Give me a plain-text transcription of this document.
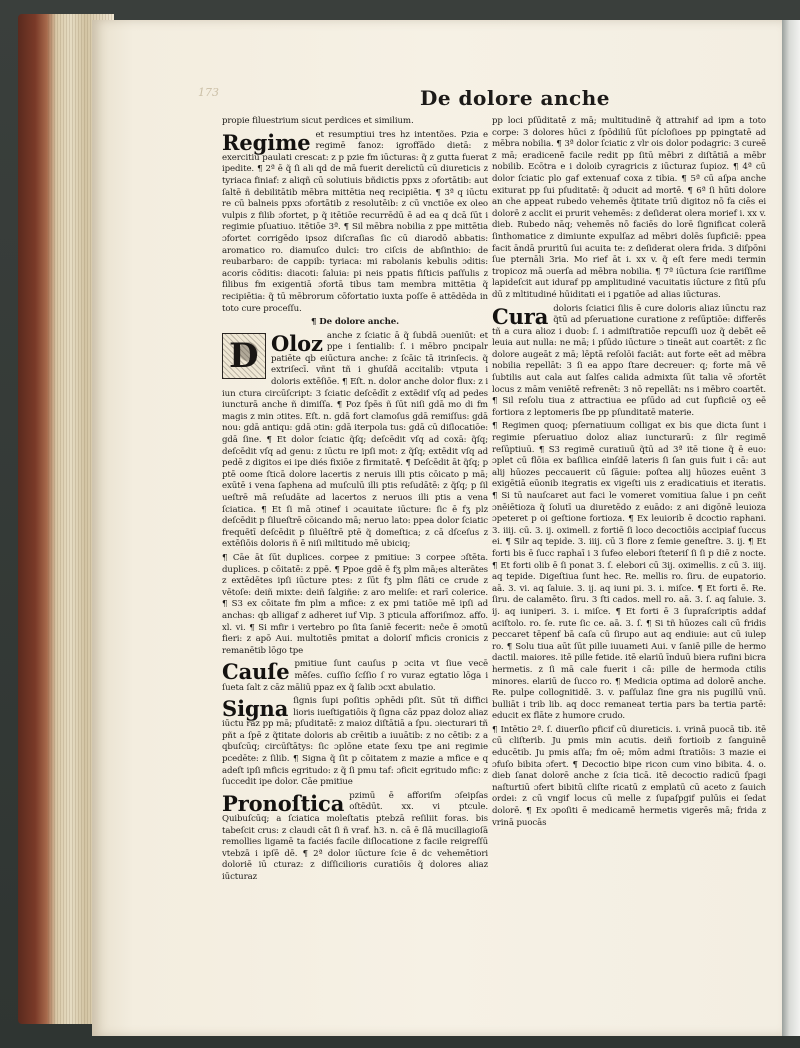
173	De dolore anche

propie filuestrium sicut perdices et similium.

Regime et resumptiui tres hz intentões. Pzia e regimē fanoz: igroffādo dietā: z exercitiū paulati crescat: z p pzie fm iūcturas: q̃ z gutta fuerat ipedite. ¶ 2ª ē q̃ ſi ali qd de mā fuerit derelictū cū diureticis z tyriaca finiaf: z aliqñ cū solutiuis bñdictis ppxs z ɔfortātib: aut ſaltē ñ debilitātib mēbra mittētia neq recipiētia. ¶ 3ª q iūctu re cū balneis ppxs ɔfortātib z resolutēib: z cū vnctiōe ex oleo vulpis z filib ɔfortet, p q̃ itētiōe recurrēdū ē ad ea q dcā ſūt i regimie pſuatiuo. itētiōe 3ª. ¶ Sil mēbra nobilia z ppe mittētia ɔfortet corrigēdo ipsoz diſcraſias ſic cū diarodō abbatis: aromatico ro. diamuſco dulci: tro ciſcis de abſinthio: de reubarbaro: de cappib: tyriaca: mi rabolanis kebulis ɔditis: acoris cōditis: diacoti: ſaluia: pi neis ppatis fiſticis paſſulis z filibus fm exigentiā ɔfortā tibus tam membra mittētia q̃ recipiētia: q̃ tū mēbrorum cōfortatio iuxta poſſe ē attēdēda in toto cure proceſſu.

¶ De dolore anche.

D Oloz anche z ſciatic ā q̃ ſubdā ɔueniūt: et ppe i ſentialib: ſ. i mēbro pncipalr patiēte qb eiūctura anche: z ſcāic tā itrinſecis. q̃ extriſecī. vñnt tñ i ghuſdā accitalib: vtputa i doloris extēſiōe. ¶ Eſt. n. dolor anche dolor flux: z i iun ctura circūſcript: 3 ſciatic deſcēdīt z extēdif vſq ad pedes iuncturā anche ñ dimiſſa. ¶ Poz ſpēs ñ ſūt niſi gdā mo di fm magis z min ɔtites. Eſt. n. gdā fort clamoſus gdā remiſſus: gdā nou: gdā antiqu: gdā ɔtin: gdā iterpola tus: gdā cū diſlocatiōe: gdā ſine. ¶ Et dolor ſciatic q̃ſq; deſcēdit vſq ad coxā: q̃ſq; deſcēdit vſq ad genu: z iūctu re ipſi mot: z q̃ſq; extēdit vſq ad pedē z digitos ei ipe diés fixiōe z firmitatē. ¶ Deſcēdit āt q̃ſq; p ptē oome ſticā dolore lacertis z neruis illi ptis cōicato p mā; exūtē i vena ſaphena ad muſculū illi ptis reſudātē: z q̃ſq; p ſil ueſtrē mā reſudāte ad lacertos z neruos illi ptis a vena ſciatica. ¶ Et ſi mā ɔtinef i ɔcauitate iūcture: ſic ē fʒ plz deſcēdit p ſilueſtrē cōicando mā; neruo lato: ppea dolor ſciatic frequētī deſcēdit p ſiluēſtrē ptē q̃ domeſtica; z cā dſceſus z extēſiōis doloris ñ ē niſi miltitudo mē ubiciq;

¶ Cāe āt ſūt duplices. corpee z pmitiue: 3 corpee ɔſtēta. duplices. p cōitatē: z ppē. ¶ Ppoe gdē ē fʒ plm mā;es alterātes z extēdētes ipſi iūcture ptes: z ſūt fʒ plm ſlāti ce crude z vētoſe: deiñ mixte: deiñ ſalgiñe: z aro meliſe: et rarī colerice. ¶ S3 ex cōitate fm plm a mfice: z ex pmi tatiōe mē ipſi ad anchas: qb alligaf z adheret iuf Vip. 3 pticula afforiſmoz. affo. xl. vi. ¶ Si mfir i vertebro po ſita ſaniē fecerit: neĉe ē ɔmotū fieri: z apō Aui. multotiēs pmitat a doloriſ mficis cronicis z remanētib lōgo tpe

Cauſe pmitiue ſunt cauſus p ɔcita vt ſiue vecē mēſes. cuſſio ſcſſio ſ ro vuraz egtatio lōga i ſueta ſalt z cāz māliū ppaz ex q̃ ſalib ɔcxt abulatio.

Signa ſignis ſupi poſitis ɔphēdi pſit. Sūt tñ diffici lioris iueſtigatiōis q̃ ſigna cāz ppaz doloz aliaz iūctu raz pp mā; pſuditatē: z maioz diſtātiā a ſpu. ɔiecturari tñ pñt a ſpē z q̃titate doloris ab crēitib a iuuātib: z no cētib: z a qbuſcūq; circūſtātys: ſic ɔplōne etate ſexu tpe ani regimie pcedēte: z ſilib. ¶ Signa q̃ ſit p cōitatem z mazie a mfice e q adeſt ipſi mficis egritudo: z q̃ ſi pmu taf: ɔficit egritudo mfic: z ſuccedit ipe dolor. Cāe pmitiue

Pronoſtica pzimū ē afforiſm ɔſeipſas oſtēdūt. xx. vi ptcule. Quibuſcūq; a ſciatica moleſtatis ptebzā reſiliit foras. bis tabeſcit crus: z claudi cāt ſi ñ vraf. h3. n. cā ē ſlā mucillagioſā remollies ligamē ta faciés facile diſlocatione z facile reigreſſū vtebzā i ipſē dē. ¶ 2ª dolor iūcture ſcie ē dc vehemētiori doloriē iū cturaz: z diſſicilioris curatiōis q̃ dolores aliaz iūcturaz

pp loci pſūditatē z mā; multitudinē q̃ attrahif ad ipm a toto corpe: 3 dolores hūci z ſpōdiliū ſūt pícloſioes pp ppingtatē ad mēbra nobilia. ¶ 3ª dolor ſciatic z vlr ois dolor podagric: 3 cureē z mā; eradicenē facile redit pp ſitū mēbri z diſtātiā a mēbr nobilib. Ecōtra e i doloib cyragricis z iūcturaz ſupioz. ¶ 4ª cū dolor ſciatic plo gaf extenuaf coxa z tibia. ¶ 5ª cū aſpa anche exiturat pp ſui pſuditatē: q̃ ɔducit ad mortē. ¶ 6ª ſi hūti dolore an che appeat rubedo vehemēs q̃titate triū digitoz nō fa ciēs ei dolorē z acclit ei prurit vehemēs: z deſiderat olera morief i. xx v. dieb. Rubedo nāq; vehemēs nō faciēs do lorē ſignificat colerā ſinthomatice z dimiunte expulſaz ad mēbri dolēs ſupficiē: ppea facit āndā pruritū ſui acuita te: z deſiderat olera frida. 3 diſpōni ſue pternāli 3ria. Mo rief āt i. xx v. q̃ eſt fere medi termin tropicoz mā ɔuerſa ad mēbra nobilia. ¶ 7ª iūctura ſcie rariſſime lapideſcit aut iduraf pp amplitudiné vacuitatis iūcture z ſitū pſu dū z mltitudiné hūiditati ei i pgatiōe ad alias iūcturas.

Cura doloris ſciatici ſilis ē cure doloris aliaz iūnctu raz q̃tū ad pſeruatione curatione z reſūptiōe: differēs tñ a cura alioz i duob: ſ. i admiſtratiōe repcuſſi uoz q̃ debēt eē leuia aut nulla: ne mā; i pſūdo iūcture ɔ tineāt aut coartēt: z ſic dolore augeāt z mā; lēptā reſolōi faciāt: aut forte eēt ad mēbra nobilia repellāt: 3 ſi ea appo ſtare decreuer: q; forte mā vē ſubtilis aut cala aut ſalſes calida admixta ſūt talia vē ɔfortēt locus z mām veniētē refrenēt: 3 nō repellāt: ns i mēbro coartēt. ¶ Sil reſolu tiua z attractiua ee pſūdo ad cut ſupficiē oʒ eē fortiora z leptomeris ſbe pp pſunditatē materie.

¶ Regimen quoq; pſernatiuum colligat ex bis que dicta ſunt i regimie pſeruatiuo doloz aliaz iuncturarū: z ſilr regimē reſūptiuū. ¶ S3 regimē curatiuū q̃tū ad 3ª itē tione q̃ ē euo: ɔplet cū flōia ex baſilica einſdē lateris ſi ſan guis fuit i cā: aut alij hūozes peccauerit cū ſāguie: poſtea alij hūozes euēnt 3 exigētiā eūonib itegratis ex vigeſti uis z eradicatiuis et iteratis. ¶ Si tū nauſcaret aut faci le vomeret vomitiua ſalue i pn ceñt ɔnēiētioza q̃ ſolutī ua diuretēdo z euādo: z ani digōnē leuioza ɔpeteret p oi geſtione fortioza. ¶ Ex leuiorib ē dcoctio raphani. 3. iiij. cū. 3. ij. oximell. z fortiē ſi loco decoctiōis accipiaf ſuccus ei. ¶ Silr aq tepide. 3. iiij. cū 3 flore z ſemie geneſtre. 3. ij. ¶ Et forti bis ē ſucc raphaī i 3 ſufeo elebori ſteteriſ ſi ſi p diē z nocte. ¶ Et forti olib ē ſi ponat 3. ſ. elebori cū 3ij. oximellis. z cū 3. iiij. aq tepide. Digeſtiua ſunt hec. Re. mellis ro. ſiru. de eupatorio. aā. 3. vi. aq ſaluie. 3. ij. aq iuni pi. 3. i. miſce. ¶ Et forti ē. Re. ſiru. de calamēto. ſiru. 3 ſti cados. mell ro. aā. 3. ſ. aq ſaluie. 3. ij. aq iuniperi. 3. i. miſce. ¶ Et forti ē 3 ſupraſcriptis addaf aciſtolo. ro. ſe. rute ſic ce. aā. 3. ſ. ¶ Si tñ hūozes cali cū fridis peccaret tēpenf bā caſa cū ſirupo aut aq endiuie: aut cū iulep ro. ¶ Solu tiua aūt ſūt pille iuuameti Aui. v ſaniē pille de hermo dactil. maiores. itē pille fetide. itē elariū īnduū biera rufini bicra hermetis. z ſi mā cale fuerit i cā: pille de hermoda ctilis minores. elariū de ſucco ro. ¶ Medicia optima ad dolorē anche. Re. pulpe collognitidē. 3. v. paſſulaz ſine gra nis pugillū vnū. bulliāt i trib lib. aq docc remaneat tertia pars ba tertia partē: educit ex flāte z humore crudo.

¶ Intētio 2ª. ſ. diuerſio pficif cū diureticis. i. vrinā puocā tib. itē cū cliſterib. Ju pmis min acutis. deiñ fortioib z ſanguinē educētib. Ju pmis aſſa; fm oē; mōm admi ſtratiōis: 3 mazie ei ɔfuſo bibita ɔfert. ¶ Decoctio bipe ricon cum vino bibita. 4. o. dieb ſanat dolorē anche z ſcia ticā. itē decoctio radicū ſpagi naſturtiū ɔfert bibitū cliſte ricatū z emplatū cū aceto z ſauich ordei: z cū vngif locus cū melle z ſupaſpgif pulūis ei ſedat dolorē. ¶ Ex ɔpoſiti ē medicamē hermetis vigerēs mā; frida z vrinā puocās
